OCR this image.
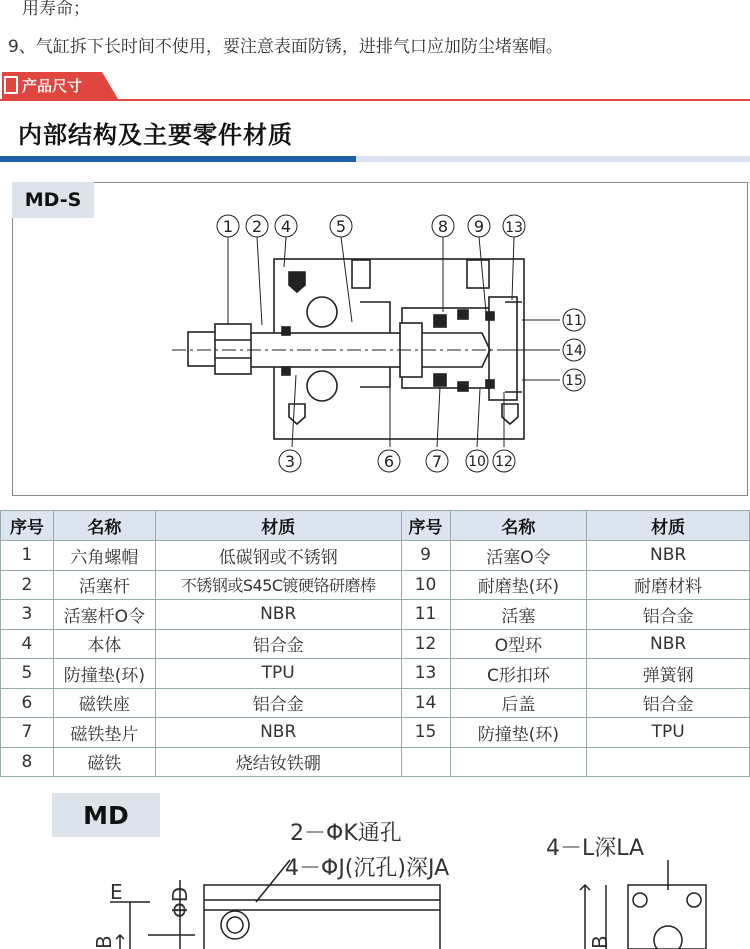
用寿命；
9、气缸拆下长时间不使用，要注意表面防锈，进排气口应加防尘堵塞帽。
产品尺寸
内部结构及主要零件材质
MD-S
1 2 4	5	8 9 13
11
14
15
3	6 7 10 12
序号	名称	材质	序号	名称	材质
1	六角螺帽	低碳钢或不锈钢	9	活塞O令	NBR
2	活塞杆	不锈钢或S45C镀硬铬研磨棒	10	耐磨垫(环)	耐磨材料
3	活塞杆O令	NBR	11	活塞	铝合金
4	本体	铝合金	12	O型环	NBR
5	防撞垫(环)	TPU	13	C形扣环	弹簧钢
6	磁铁座	铝合金	14	后盖	铝合金
7	磁铁垫片	NBR	15	防撞垫(环)	TPU
8	磁铁	烧结钕铁硼			
MD
2－ΦK通孔
4－ΦJ(沉孔)深JA
4－L深LA
E ΦD
B	B
